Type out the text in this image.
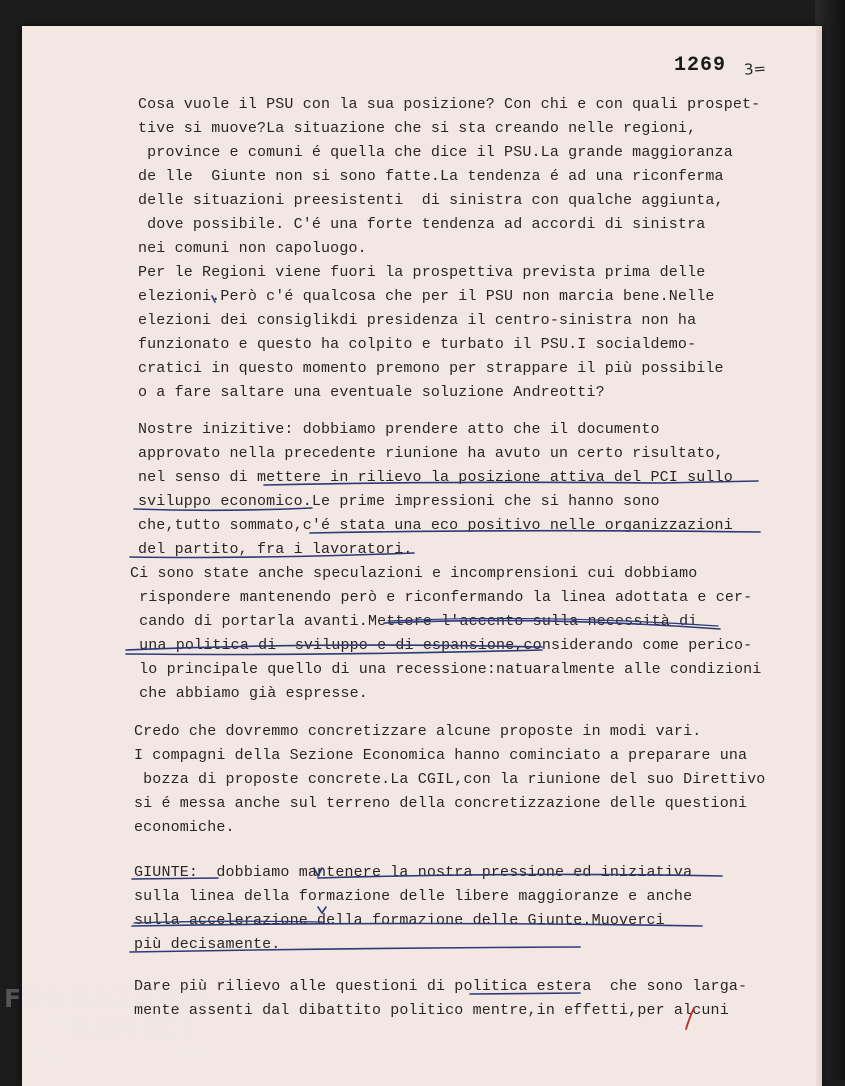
1269 3=
Cosa vuole il PSU con la sua posizione? Con chi e con quali prospet-
tive si muove?La situazione che si sta creando nelle regioni,
province e comuni é quella che dice il PSU.La grande maggioranza
de lle  Giunte non si sono fatte.La tendenza é ad una riconferma
delle situazioni preesistenti  di sinistra con qualche aggiunta,
dove possibile. C'é una forte tendenza ad accordi di sinistra
nei comuni non capoluogo.
Per le Regioni viene fuori la prospettiva prevista prima delle
elezioni.Però c'é qualcosa che per il PSU non marcia bene.Nelle
elezioni dei consiglikdi presidenza il centro-sinistra non ha
funzionato e questo ha colpito e turbato il PSU.I socialdemo-
cratici in questo momento premono per strappare il più possibile
o a fare saltare una eventuale soluzione Andreotti?
Nostre inizitive: dobbiamo prendere atto che il documento
approvato nella precedente riunione ha avuto un certo risultato,
nel senso di mettere in rilievo la posizione attiva del PCI sullo
sviluppo economico.Le prime impressioni che si hanno sono
che,tutto sommato,c'é stata una eco positivo nelle organizzazioni
del partito, fra i lavoratori.
Ci sono state anche speculazioni e incomprensioni cui dobbiamo
rispondere mantenendo però e riconfermando la linea adottata e cer-
cando di portarla avanti.Mettere l'accento sulla necessità di
una politica di  sviluppo e di espansione,considerando come perico-
lo principale quello di una recessione:natuaralmente alle condizioni
che abbiamo già espresse.
Credo che dovremmo concretizzare alcune proposte in modi vari.
I compagni della Sezione Economica hanno cominciato a preparare una
bozza di proposte concrete.La CGIL,con la riunione del suo Direttivo
si é messa anche sul terreno della concretizzazione delle questioni
economiche.
GIUNTE:  dobbiamo mantenere la nostra pressione ed iniziativa
sulla linea della formazione delle libere maggioranze e anche
sulla accelerazione della formazione delle Giunte.Muoverci
più decisamente.
Dare più rilievo alle questioni di politica estera  che sono larga-
mente assenti dal dibattito politico mentre,in effetti,per alcuni
FONDAZIONE
RAMSCI
onlus
